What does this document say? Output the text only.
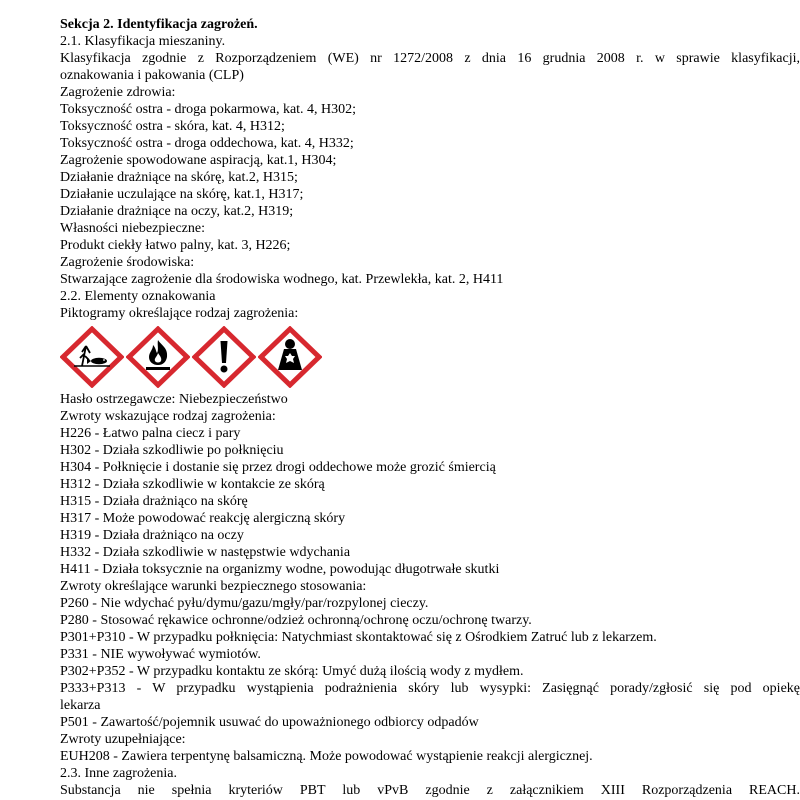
Sekcja 2. Identyfikacja zagrożeń.
2.1. Klasyfikacja mieszaniny.
Klasyfikacja zgodnie z Rozporządzeniem (WE) nr 1272/2008 z dnia 16 grudnia 2008 r. w sprawie klasyfikacji,
oznakowania i pakowania (CLP)
Zagrożenie zdrowia:
Toksyczność ostra - droga pokarmowa, kat. 4, H302;
Toksyczność ostra - skóra, kat. 4, H312;
Toksyczność ostra - droga oddechowa, kat. 4, H332;
Zagrożenie spowodowane aspiracją, kat.1, H304;
Działanie drażniące na skórę, kat.2, H315;
Działanie uczulające na skórę, kat.1, H317;
Działanie drażniące na oczy, kat.2, H319;
Własności niebezpieczne:
Produkt ciekły łatwo palny, kat. 3, H226;
Zagrożenie środowiska:
Stwarzające zagrożenie dla środowiska wodnego, kat. Przewlekła, kat. 2, H411
2.2. Elementy oznakowania
Piktogramy określające rodzaj zagrożenia:
Hasło ostrzegawcze: Niebezpieczeństwo
Zwroty wskazujące rodzaj zagrożenia:
H226 - Łatwo palna ciecz i pary
H302 - Działa szkodliwie po połknięciu
H304 - Połknięcie i dostanie się przez drogi oddechowe może grozić śmiercią
H312 - Działa szkodliwie w kontakcie ze skórą
H315 - Działa drażniąco na skórę
H317 - Może powodować reakcję alergiczną skóry
H319 - Działa drażniąco na oczy
H332 - Działa szkodliwie w następstwie wdychania
H411 - Działa toksycznie na organizmy wodne, powodując długotrwałe skutki
Zwroty określające warunki bezpiecznego stosowania:
P260 - Nie wdychać pyłu/dymu/gazu/mgły/par/rozpylonej cieczy.
P280 - Stosować rękawice ochronne/odzież ochronną/ochronę oczu/ochronę twarzy.
P301+P310 - W przypadku połknięcia: Natychmiast skontaktować się z Ośrodkiem Zatruć lub z lekarzem.
P331 - NIE wywoływać wymiotów.
P302+P352 - W przypadku kontaktu ze skórą: Umyć dużą ilością wody z mydłem.
P333+P313 - W przypadku wystąpienia podrażnienia skóry lub wysypki: Zasięgnąć porady/zgłosić się pod opiekę
lekarza
P501 - Zawartość/pojemnik usuwać do upoważnionego odbiorcy odpadów
Zwroty uzupełniające:
EUH208 - Zawiera terpentynę balsamiczną. Może powodować wystąpienie reakcji alergicznej.
2.3. Inne zagrożenia.
Substancja nie spełnia kryteriów PBT lub vPvB zgodnie z załącznikiem XIII Rozporządzenia REACH.
